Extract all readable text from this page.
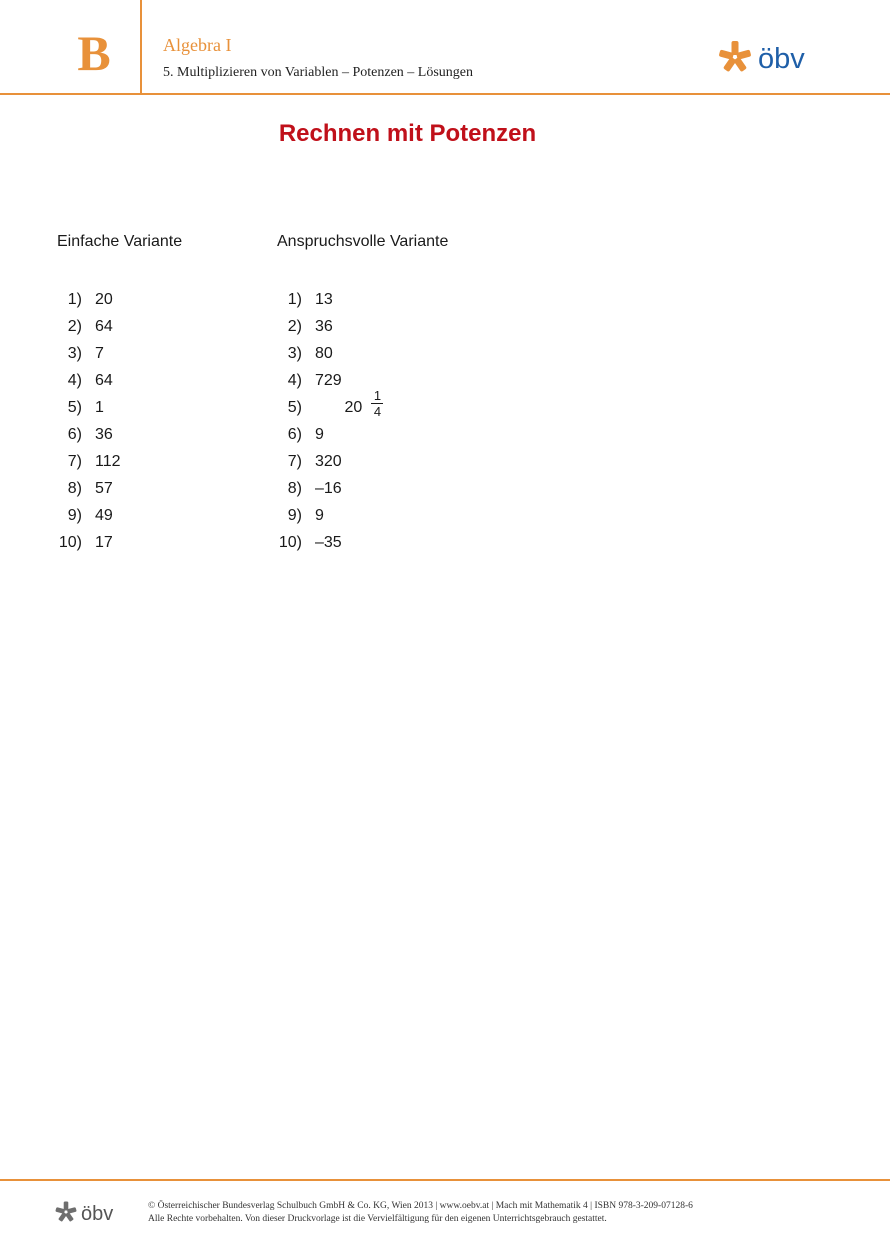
B	Algebra I
5. Multiplizieren von Variablen – Potenzen – Lösungen	öbv
Rechnen mit Potenzen
Einfache Variante
1) 20
2) 64
3) 7
4) 64
5) 1
6) 36
7) 112
8) 57
9) 49
10) 17
Anspruchsvolle Variante
1) 13
2) 36
3) 80
4) 729
5)	20
1
4
6) 9
7) 320
8) –16
9) 9
10) –35
öbv	© Österreichischer Bundesverlag Schulbuch GmbH & Co. KG, Wien 2013 | www.oebv.at | Mach mit Mathematik 4 | ISBN 978-3-209-07128-6
Alle Rechte vorbehalten. Von dieser Druckvorlage ist die Vervielfältigung für den eigenen Unterrichtsgebrauch gestattet.
